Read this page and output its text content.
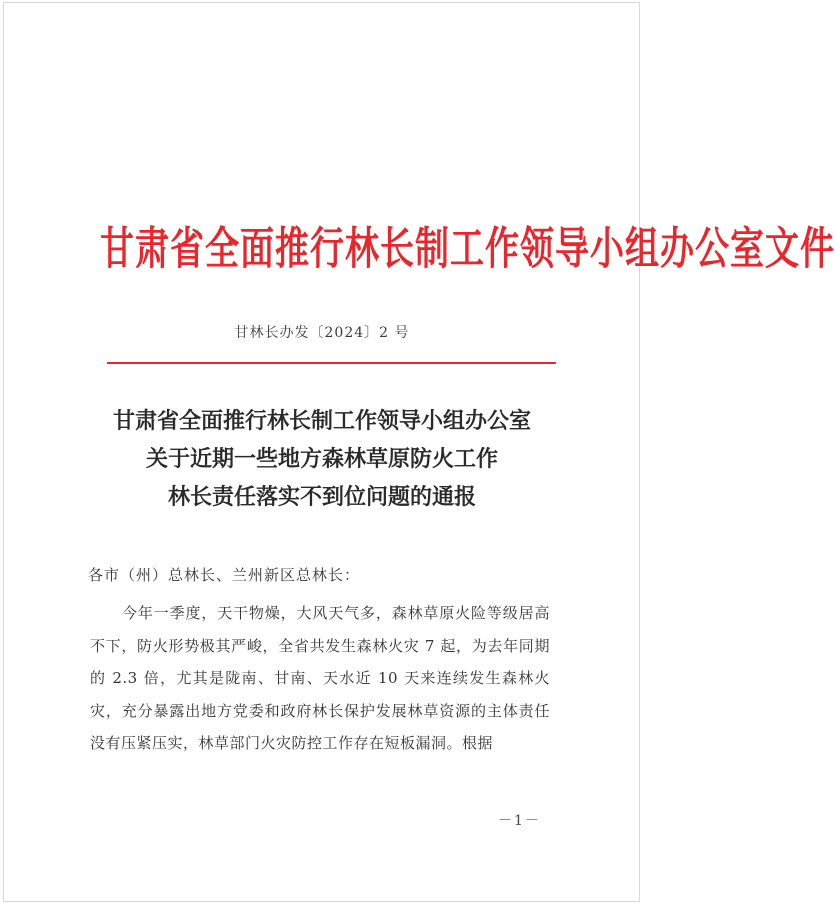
甘肃省全面推行林长制工作领导小组办公室文件
甘林长办发〔2024〕2 号
甘肃省全面推行林长制工作领导小组办公室
关于近期一些地方森林草原防火工作
林长责任落实不到位问题的通报
各市（州）总林长、兰州新区总林长：

今年一季度，天干物燥，大风天气多，森林草原火险等级居高不下，防火形势极其严峻，全省共发生森林火灾 7 起，为去年同期的 2.3 倍，尤其是陇南、甘南、天水近 10 天来连续发生森林火灾，充分暴露出地方党委和政府林长保护发展林草资源的主体责任没有压紧压实，林草部门火灾防控工作存在短板漏洞。根据

－1－
